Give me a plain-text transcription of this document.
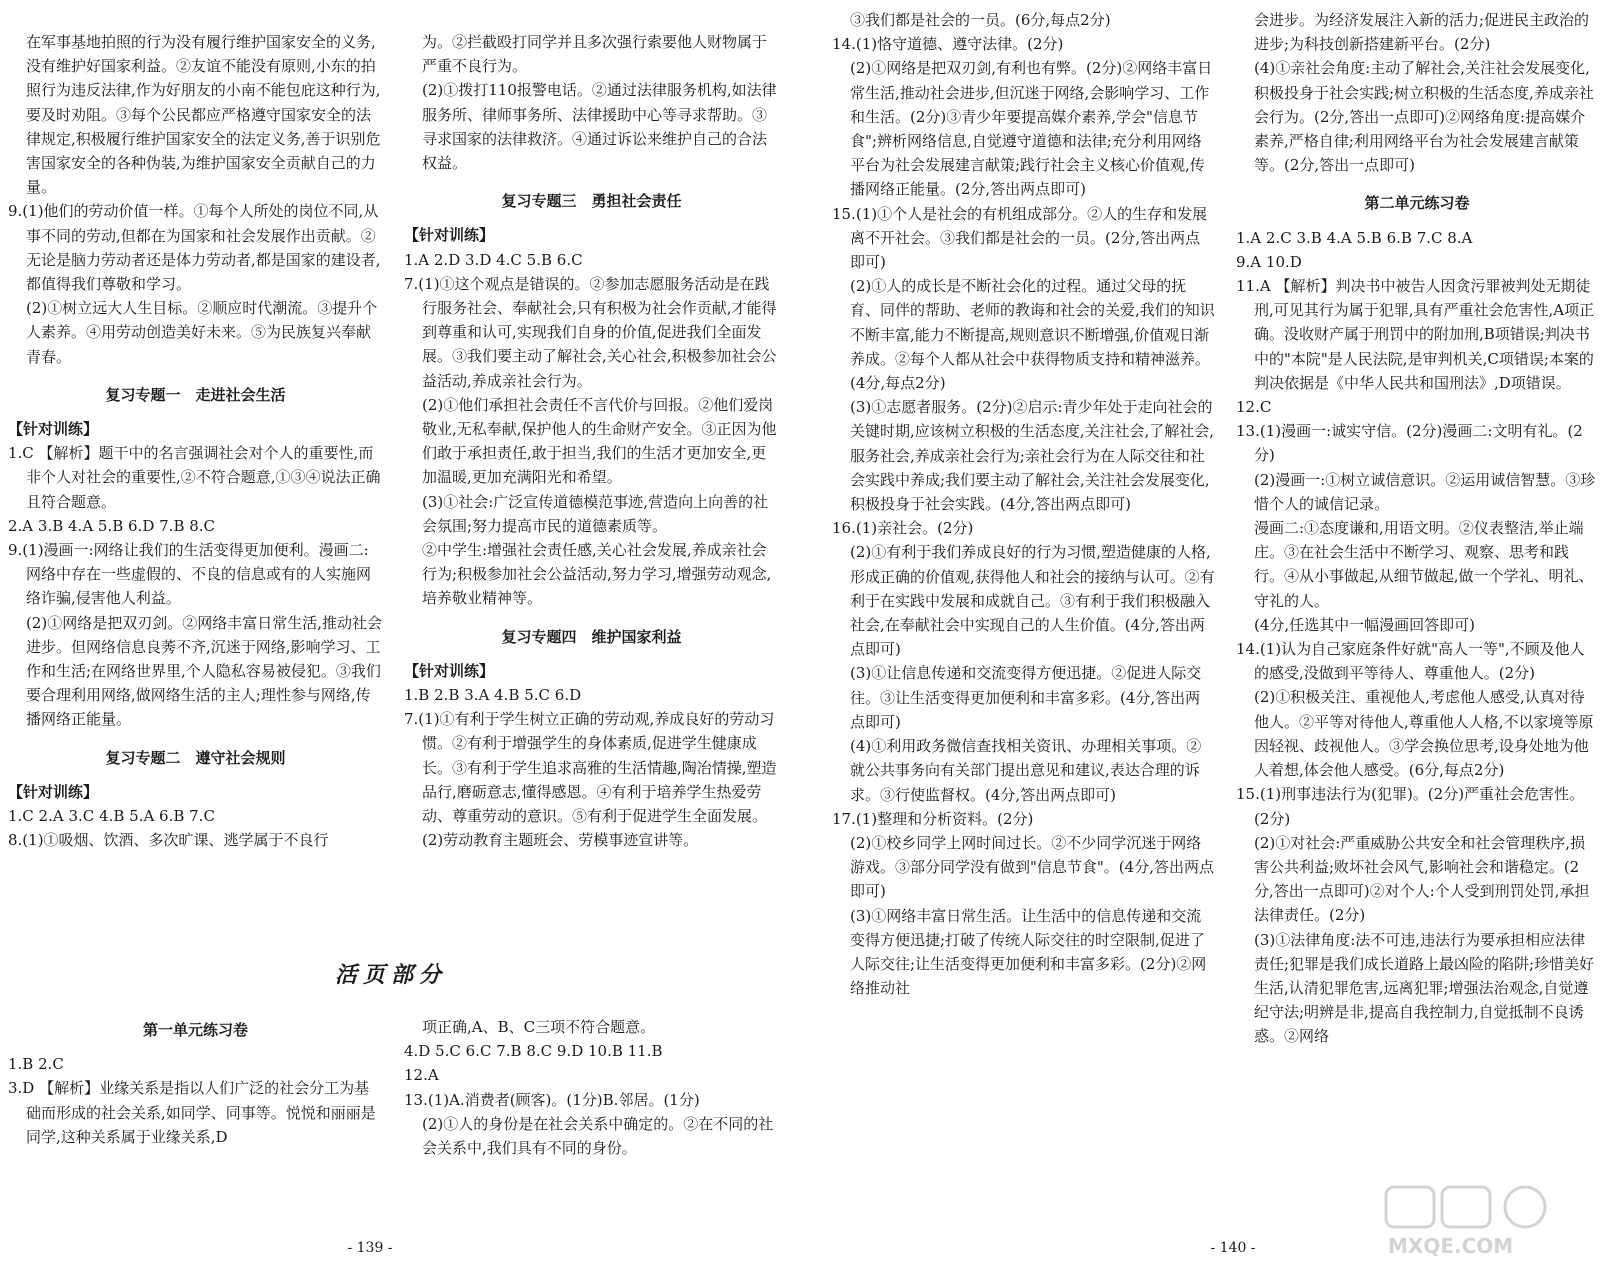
在军事基地拍照的行为没有履行维护国家安全的义务,没有维护好国家利益。②友谊不能没有原则,小东的拍照行为违反法律,作为好朋友的小南不能包庇这种行为,要及时劝阻。③每个公民都应严格遵守国家安全的法律规定,积极履行维护国家安全的法定义务,善于识别危害国家安全的各种伪装,为维护国家安全贡献自己的力量。

9.(1)他们的劳动价值一样。①每个人所处的岗位不同,从事不同的劳动,但都在为国家和社会发展作出贡献。②无论是脑力劳动者还是体力劳动者,都是国家的建设者,都值得我们尊敬和学习。

(2)①树立远大人生目标。②顺应时代潮流。③提升个人素养。④用劳动创造美好未来。⑤为民族复兴奉献青春。

复习专题一　走进社会生活

【针对训练】

1.C 【解析】题干中的名言强调社会对个人的重要性,而非个人对社会的重要性,②不符合题意,①③④说法正确且符合题意。

2.A 3.B 4.A 5.B 6.D 7.B 8.C

9.(1)漫画一:网络让我们的生活变得更加便利。漫画二:网络中存在一些虚假的、不良的信息或有的人实施网络诈骗,侵害他人利益。

(2)①网络是把双刃剑。②网络丰富日常生活,推动社会进步。但网络信息良莠不齐,沉迷于网络,影响学习、工作和生活;在网络世界里,个人隐私容易被侵犯。③我们要合理利用网络,做网络生活的主人;理性参与网络,传播网络正能量。

复习专题二　遵守社会规则

【针对训练】

1.C 2.A 3.C 4.B 5.A 6.B 7.C

8.(1)①吸烟、饮酒、多次旷课、逃学属于不良行

为。②拦截殴打同学并且多次强行索要他人财物属于严重不良行为。

(2)①拨打110报警电话。②通过法律服务机构,如法律服务所、律师事务所、法律援助中心等寻求帮助。③寻求国家的法律救济。④通过诉讼来维护自己的合法权益。

复习专题三　勇担社会责任

【针对训练】

1.A 2.D 3.D 4.C 5.B 6.C

7.(1)①这个观点是错误的。②参加志愿服务活动是在践行服务社会、奉献社会,只有积极为社会作贡献,才能得到尊重和认可,实现我们自身的价值,促进我们全面发展。③我们要主动了解社会,关心社会,积极参加社会公益活动,养成亲社会行为。

(2)①他们承担社会责任不言代价与回报。②他们爱岗敬业,无私奉献,保护他人的生命财产安全。③正因为他们敢于承担责任,敢于担当,我们的生活才更加安全,更加温暖,更加充满阳光和希望。

(3)①社会:广泛宣传道德模范事迹,营造向上向善的社会氛围;努力提高市民的道德素质等。

②中学生:增强社会责任感,关心社会发展,养成亲社会行为;积极参加社会公益活动,努力学习,增强劳动观念,培养敬业精神等。

复习专题四　维护国家利益

【针对训练】

1.B 2.B 3.A 4.B 5.C 6.D

7.(1)①有利于学生树立正确的劳动观,养成良好的劳动习惯。②有利于增强学生的身体素质,促进学生健康成长。③有利于学生追求高雅的生活情趣,陶冶情操,塑造品行,磨砺意志,懂得感恩。④有利于培养学生热爱劳动、尊重劳动的意识。⑤有利于促进学生全面发展。

(2)劳动教育主题班会、劳模事迹宣讲等。

活页部分
第一单元练习卷

1.B 2.C

3.D 【解析】业缘关系是指以人们广泛的社会分工为基础而形成的社会关系,如同学、同事等。悦悦和丽丽是同学,这种关系属于业缘关系,D

项正确,A、B、C三项不符合题意。

4.D 5.C 6.C 7.B 8.C 9.D 10.B 11.B

12.A

13.(1)A.消费者(顾客)。(1分)B.邻居。(1分)

(2)①人的身份是在社会关系中确定的。②在不同的社会关系中,我们具有不同的身份。

- 139 -

③我们都是社会的一员。(6分,每点2分)

14.(1)恪守道德、遵守法律。(2分)

(2)①网络是把双刃剑,有利也有弊。(2分)②网络丰富日常生活,推动社会进步,但沉迷于网络,会影响学习、工作和生活。(2分)③青少年要提高媒介素养,学会"信息节食";辨析网络信息,自觉遵守道德和法律;充分利用网络平台为社会发展建言献策;践行社会主义核心价值观,传播网络正能量。(2分,答出两点即可)

15.(1)①个人是社会的有机组成部分。②人的生存和发展离不开社会。③我们都是社会的一员。(2分,答出两点即可)

(2)①人的成长是不断社会化的过程。通过父母的抚育、同伴的帮助、老师的教诲和社会的关爱,我们的知识不断丰富,能力不断提高,规则意识不断增强,价值观日渐养成。②每个人都从社会中获得物质支持和精神滋养。(4分,每点2分)

(3)①志愿者服务。(2分)②启示:青少年处于走向社会的关键时期,应该树立积极的生活态度,关注社会,了解社会,服务社会,养成亲社会行为;亲社会行为在人际交往和社会实践中养成;我们要主动了解社会,关注社会发展变化,积极投身于社会实践。(4分,答出两点即可)

16.(1)亲社会。(2分)

(2)①有利于我们养成良好的行为习惯,塑造健康的人格,形成正确的价值观,获得他人和社会的接纳与认可。②有利于在实践中发展和成就自己。③有利于我们积极融入社会,在奉献社会中实现自己的人生价值。(4分,答出两点即可)

(3)①让信息传递和交流变得方便迅捷。②促进人际交往。③让生活变得更加便利和丰富多彩。(4分,答出两点即可)

(4)①利用政务微信查找相关资讯、办理相关事项。②就公共事务向有关部门提出意见和建议,表达合理的诉求。③行使监督权。(4分,答出两点即可)

17.(1)整理和分析资料。(2分)

(2)①校乡同学上网时间过长。②不少同学沉迷于网络游戏。③部分同学没有做到"信息节食"。(4分,答出两点即可)

(3)①网络丰富日常生活。让生活中的信息传递和交流变得方便迅捷;打破了传统人际交往的时空限制,促进了人际交往;让生活变得更加便利和丰富多彩。(2分)②网络推动社

会进步。为经济发展注入新的活力;促进民主政治的进步;为科技创新搭建新平台。(2分)

(4)①亲社会角度:主动了解社会,关注社会发展变化,积极投身于社会实践;树立积极的生活态度,养成亲社会行为。(2分,答出一点即可)②网络角度:提高媒介素养,严格自律;利用网络平台为社会发展建言献策等。(2分,答出一点即可)

第二单元练习卷

1.A 2.C 3.B 4.A 5.B 6.B 7.C 8.A

9.A 10.D

11.A 【解析】判决书中被告人因贪污罪被判处无期徒刑,可见其行为属于犯罪,具有严重社会危害性,A项正确。没收财产属于刑罚中的附加刑,B项错误;判决书中的"本院"是人民法院,是审判机关,C项错误;本案的判决依据是《中华人民共和国刑法》,D项错误。

12.C

13.(1)漫画一:诚实守信。(2分)漫画二:文明有礼。(2分)

(2)漫画一:①树立诚信意识。②运用诚信智慧。③珍惜个人的诚信记录。

漫画二:①态度谦和,用语文明。②仪表整洁,举止端庄。③在社会生活中不断学习、观察、思考和践行。④从小事做起,从细节做起,做一个学礼、明礼、守礼的人。

(4分,任选其中一幅漫画回答即可)

14.(1)认为自己家庭条件好就"高人一等",不顾及他人的感受,没做到平等待人、尊重他人。(2分)

(2)①积极关注、重视他人,考虑他人感受,认真对待他人。②平等对待他人,尊重他人人格,不以家境等原因轻视、歧视他人。③学会换位思考,设身处地为他人着想,体会他人感受。(6分,每点2分)

15.(1)刑事违法行为(犯罪)。(2分)严重社会危害性。(2分)

(2)①对社会:严重威胁公共安全和社会管理秩序,损害公共利益;败坏社会风气,影响社会和谐稳定。(2分,答出一点即可)②对个人:个人受到刑罚处罚,承担法律责任。(2分)

(3)①法律角度:法不可违,违法行为要承担相应法律责任;犯罪是我们成长道路上最凶险的陷阱;珍惜美好生活,认清犯罪危害,远离犯罪;增强法治观念,自觉遵纪守法;明辨是非,提高自我控制力,自觉抵制不良诱惑。②网络

- 140 -	MXQE.COM
